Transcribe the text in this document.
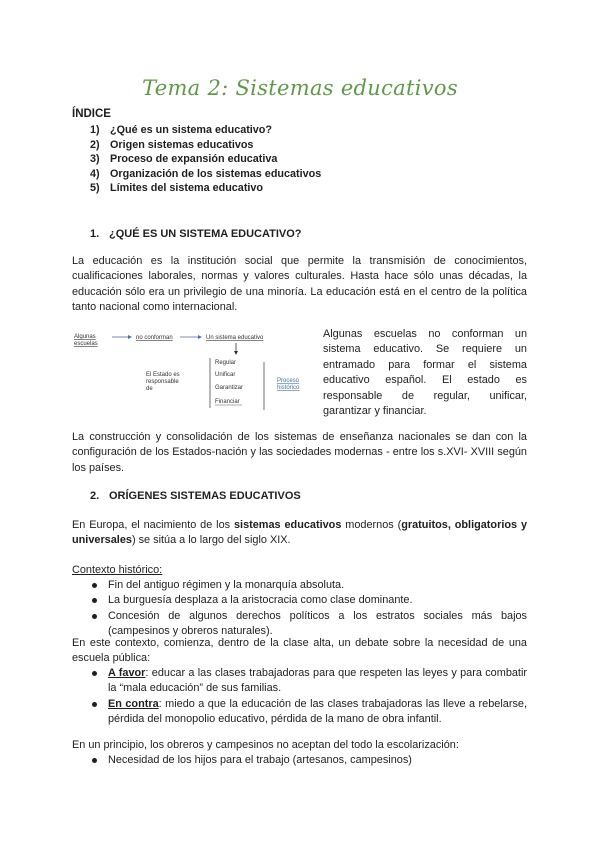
Tema 2: Sistemas educativos
ÍNDICE
1) ¿Qué es un sistema educativo?
2) Origen sistemas educativos
3) Proceso de expansión educativa
4) Organización de los sistemas educativos
5) Límites del sistema educativo
1. ¿QUÉ ES UN SISTEMA EDUCATIVO?

La educación es la institución social que permite la transmisión de conocimientos, cualificaciones laborales, normas y valores culturales. Hasta hace sólo unas décadas, la educación sólo era un privilegio de una minoría. La educación está en el centro de la política tanto nacional como internacional.

Algunas
escuelas
no conforman	Un sistema educativo
El Estado es
responsable
de
Regular
Unificar
Garantizar
Financiar
Proceso
histórico

Algunas escuelas no conforman un sistema educativo. Se requiere un entramado para formar el sistema educativo español. El estado es responsable de regular, unificar, garantizar y financiar.

La construcción y consolidación de los sistemas de enseñanza nacionales se dan con la configuración de los Estados-nación y las sociedades modernas - entre los s.XVI- XVIII según los países.

2. ORÍGENES SISTEMAS EDUCATIVOS

En Europa, el nacimiento de los sistemas educativos modernos (gratuitos, obligatorios y universales) se sitúa a lo largo del siglo XIX.

Contexto histórico:

Fin del antiguo régimen y la monarquía absoluta.
La burguesía desplaza a la aristocracia como clase dominante.
Concesión de algunos derechos políticos a los estratos sociales más bajos (campesinos y obreros naturales).

En este contexto, comienza, dentro de la clase alta, un debate sobre la necesidad de una escuela pública:

A favor: educar a las clases trabajadoras para que respeten las leyes y para combatir la “mala educación” de sus familias.
En contra: miedo a que la educación de las clases trabajadoras las lleve a rebelarse, pérdida del monopolio educativo, pérdida de la mano de obra infantil.

En un principio, los obreros y campesinos no aceptan del todo la escolarización:

Necesidad de los hijos para el trabajo (artesanos, campesinos)
